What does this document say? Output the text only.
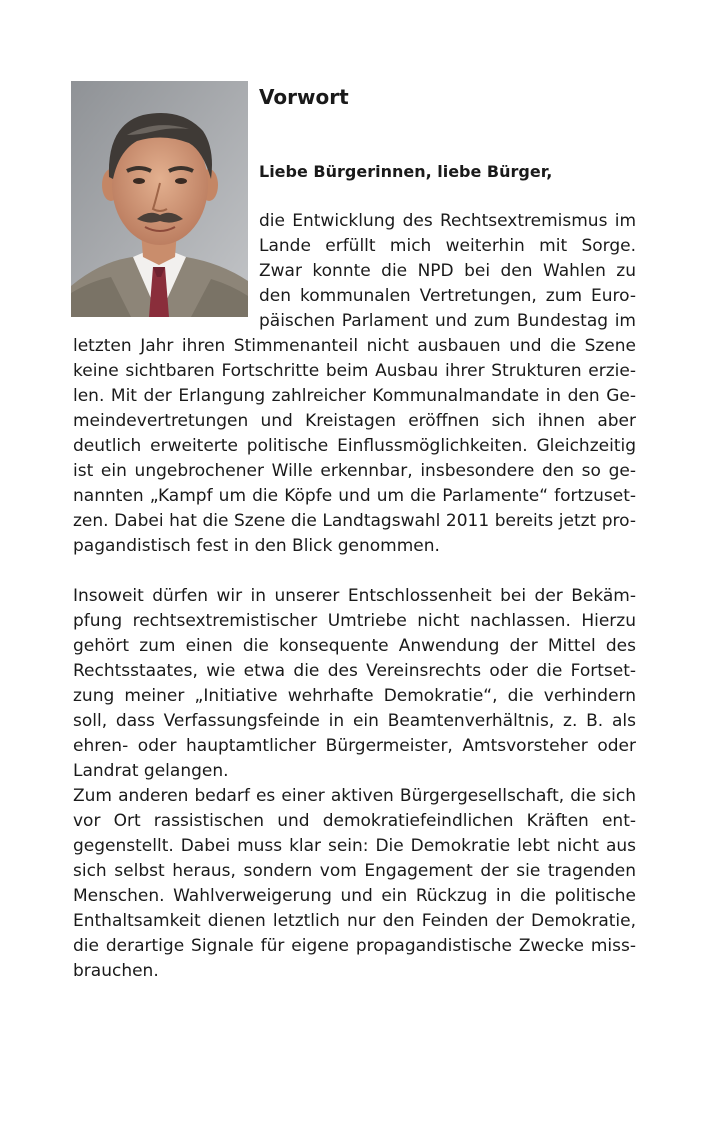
Vorwort

Liebe Bürgerinnen, liebe Bürger,

die Entwicklung des Rechtsextremismus im

Lande erfüllt mich weiterhin mit Sorge.

Zwar konnte die NPD bei den Wahlen zu

den kommunalen Vertretungen, zum Euro-

päischen Parlament und zum Bundestag im

letzten Jahr ihren Stimmenanteil nicht ausbauen und die Szene

keine sichtbaren Fortschritte beim Ausbau ihrer Strukturen erzie-

len. Mit der Erlangung zahlreicher Kommunalmandate in den Ge-

meindevertretungen und Kreistagen eröffnen sich ihnen aber

deutlich erweiterte politische Einflussmöglichkeiten. Gleichzeitig

ist ein ungebrochener Wille erkennbar, insbesondere den so ge-

nannten „Kampf um die Köpfe und um die Parlamente“ fortzuset-

zen. Dabei hat die Szene die Landtagswahl 2011 bereits jetzt pro-

pagandistisch fest in den Blick genommen.

Insoweit dürfen wir in unserer Entschlossenheit bei der Bekäm-

pfung rechtsextremistischer Umtriebe nicht nachlassen. Hierzu

gehört zum einen die konsequente Anwendung der Mittel des

Rechtsstaates, wie etwa die des Vereinsrechts oder die Fortset-

zung meiner „Initiative wehrhafte Demokratie“, die verhindern

soll, dass Verfassungsfeinde in ein Beamtenverhältnis, z. B. als

ehren- oder hauptamtlicher Bürgermeister, Amtsvorsteher oder

Landrat gelangen.

Zum anderen bedarf es einer aktiven Bürgergesellschaft, die sich

vor Ort rassistischen und demokratiefeindlichen Kräften ent-

gegenstellt. Dabei muss klar sein: Die Demokratie lebt nicht aus

sich selbst heraus, sondern vom Engagement der sie tragenden

Menschen. Wahlverweigerung und ein Rückzug in die politische

Enthaltsamkeit dienen letztlich nur den Feinden der Demokratie,

die derartige Signale für eigene propagandistische Zwecke miss-

brauchen.
